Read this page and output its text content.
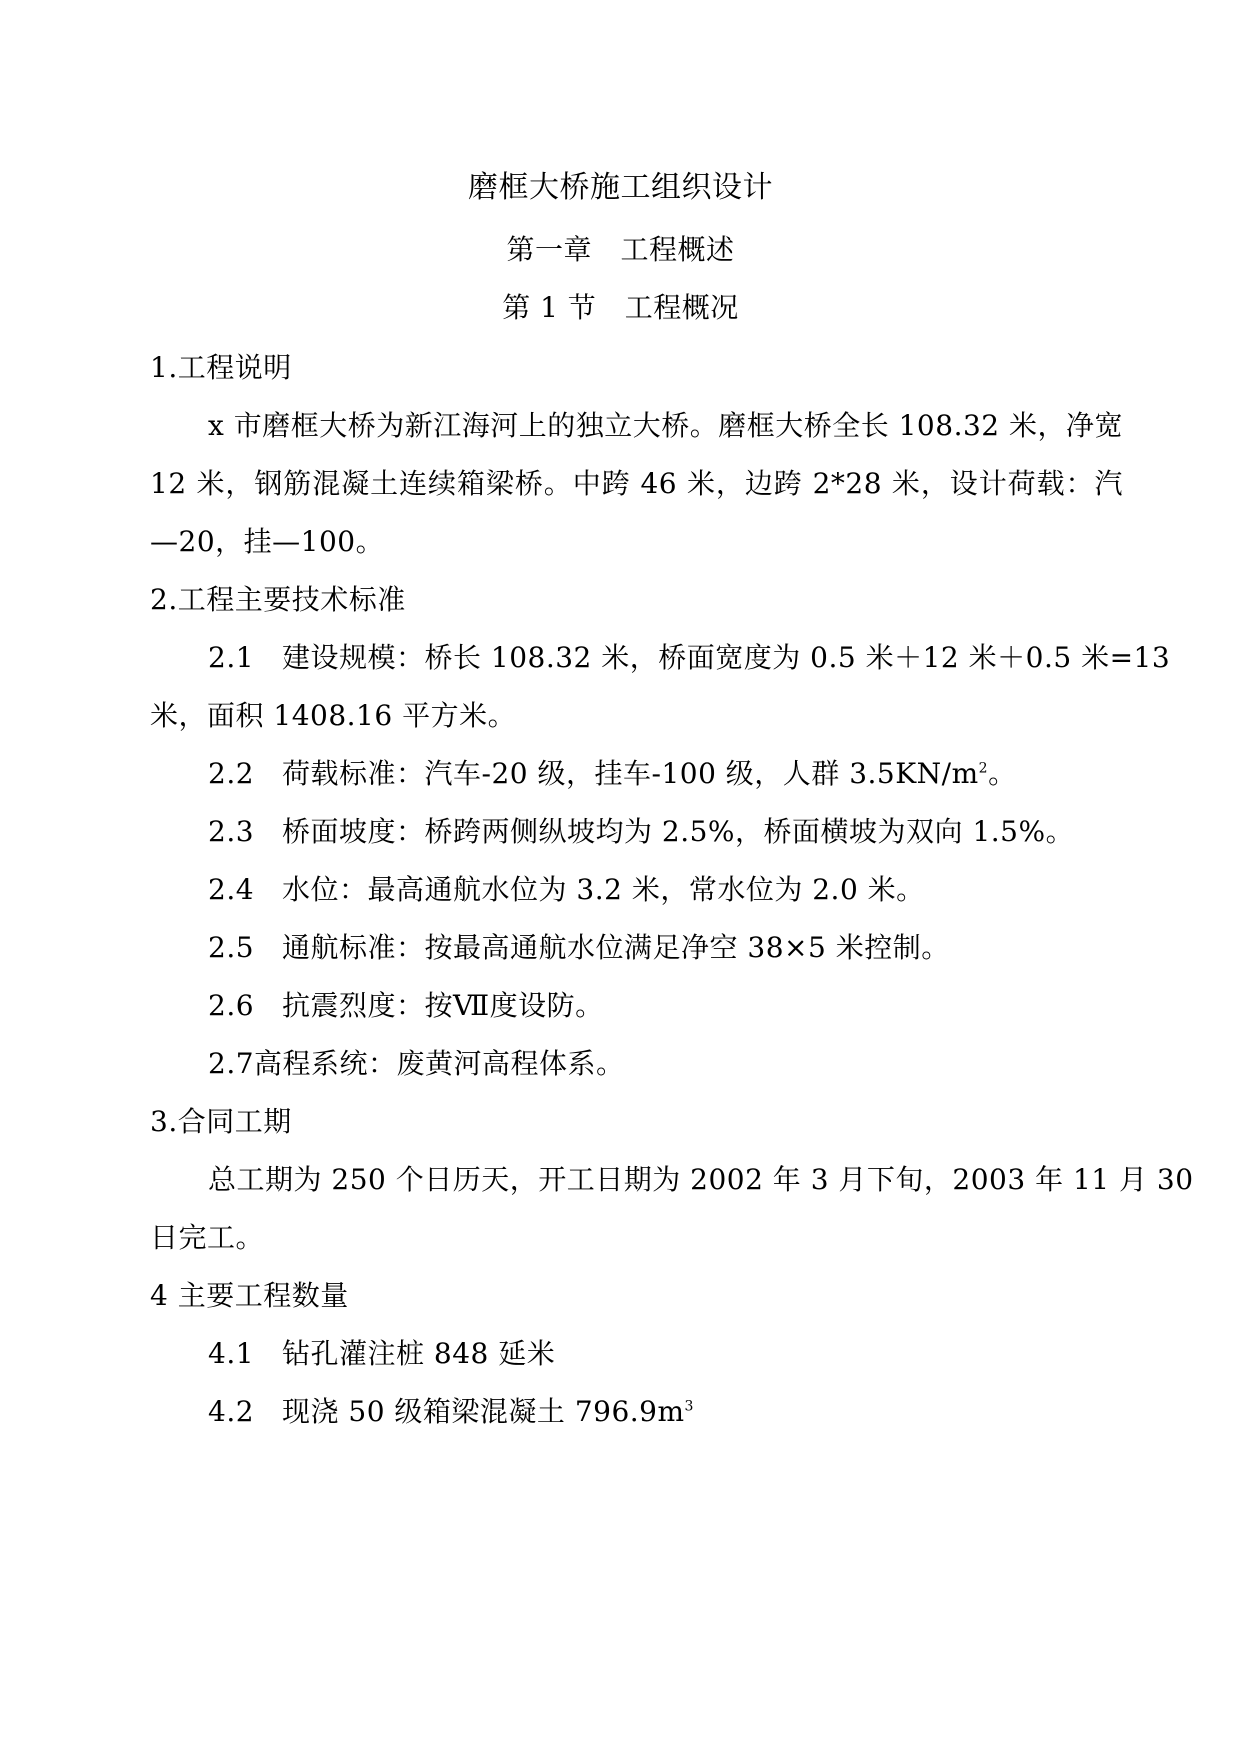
磨框大桥施工组织设计
第一章　工程概述
第 1 节　工程概况
1.工程说明
x 市磨框大桥为新江海河上的独立大桥。磨框大桥全长 108.32 米，净宽
12 米，钢筋混凝土连续箱梁桥。中跨 46 米，边跨 2*28 米，设计荷载：汽
—20，挂—100。
2.工程主要技术标准
2.1 建设规模：桥长 108.32 米，桥面宽度为 0.5 米＋12 米＋0.5 米=13
米，面积 1408.16 平方米。
2.2 荷载标准：汽车-20 级，挂车-100 级，人群 $3.5KN/m^2$。
2.3 桥面坡度：桥跨两侧纵坡均为 2.5%，桥面横坡为双向 1.5%。
2.4 水位：最高通航水位为 3.2 米，常水位为 2.0 米。
2.5 通航标准：按最高通航水位满足净空 38×5 米控制。
2.6 抗震烈度：按Ⅶ度设防。
2.7高程系统：废黄河高程体系。
3.合同工期
总工期为 250 个日历天，开工日期为 2002 年 3 月下旬，2003 年 11 月 30
日完工。
4 主要工程数量
4.1 钻孔灌注桩 848 延米
4.2 现浇 50 级箱梁混凝土 $796.9m^3$
